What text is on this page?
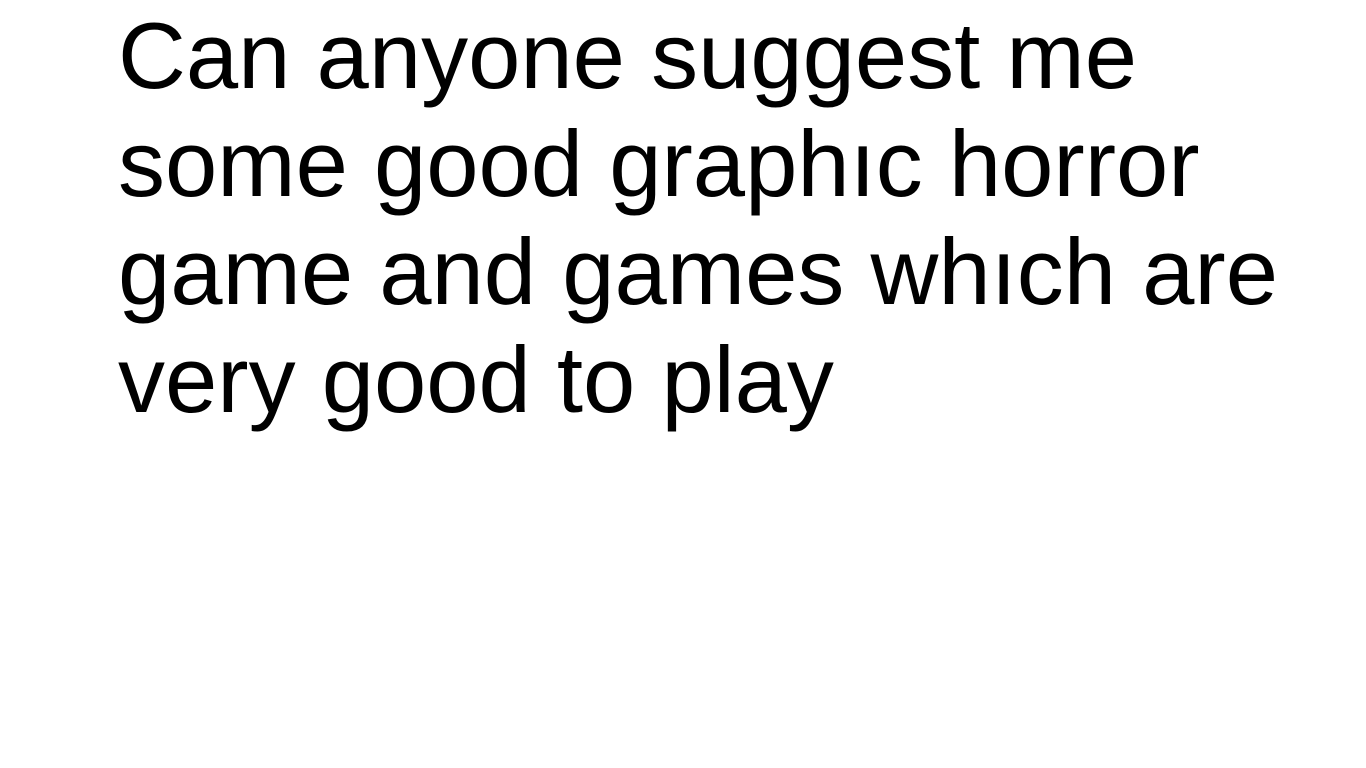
Can anyone suggest me
some good graphıc horror
game and games whıch are
very good to play
